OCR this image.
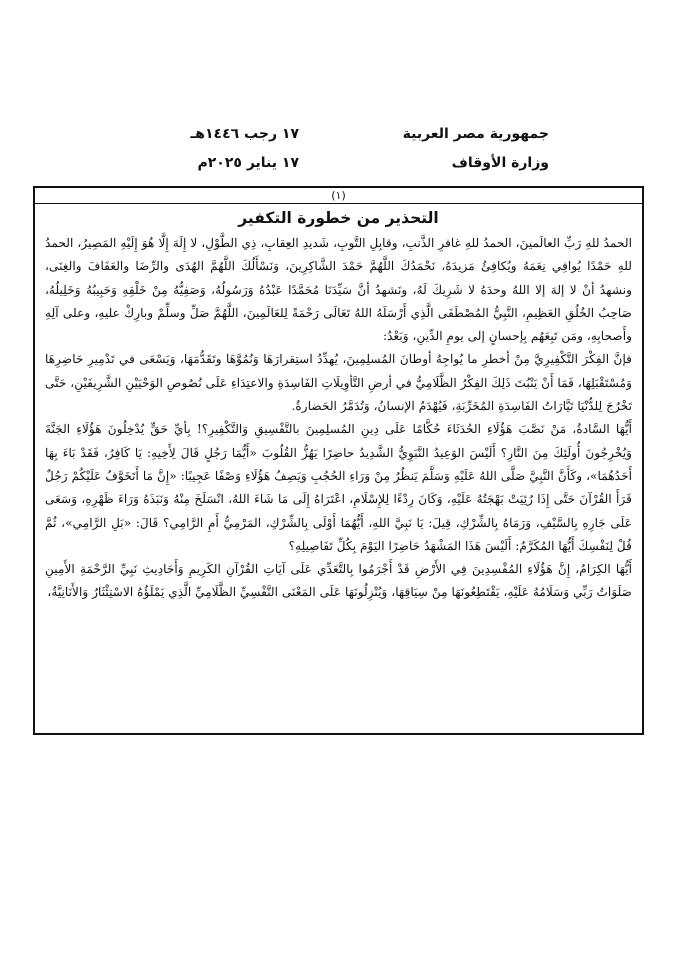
جمهورية مصر العربية
وزارة الأوقاف
١٧ رجب ١٤٤٦هـ
١٧ يناير ٢٠٢٥م
(١)
التحذير من خطورة التكفير

الحمدُ للهِ رَبِّ العالَمينَ، الحمدُ للهِ غافرِ الذَّنبِ، وقابِلِ التَّوبِ، شَديدِ العِقابِ، ذِي الطَّوْلِ، لا إِلَهَ إِلَّا هُوَ إِلَيْهِ المَصِيرُ، الحمدُ للهِ حَمْدًا يُوافِي نِعَمَهُ ويُكافِئُ مَزيدَهُ، نَحْمَدُكَ اللَّهُمَّ حَمْدَ الشَّاكِرِينَ، وَنَسْأَلُكَ اللَّهُمَّ الهُدَى والرِّضَا والعَفَافَ والغِنَى، ونشهدُ أنْ لا إلهَ إلا اللهُ وحدَهُ لا شَرِيكَ لَهُ، ونَشهدُ أنَّ سَيِّدَنَا مُحَمَّدًا عَبْدُهُ وَرَسُولُهُ، وَصَفِيُّهُ مِنْ خَلْقِهِ وَحَبِيبُهُ وَخَلِيلُهُ، صَاحِبُ الخُلُقِ العَظِيمِ، النَّبِيُّ المُصْطَفَى الَّذِي أَرْسَلَهُ اللهُ تَعَالَى رَحْمَةً لِلعَالَمِينَ، اللَّهُمَّ صَلِّ وسلِّمْ وبارِكْ عليهِ، وعلى آلِهِ وأَصحابِهِ، ومَن تَبِعَهُم بِإحسانٍ إلى يومِ الدِّينِ، وَبَعْدُ:

فإنَّ الفِكْرَ التَّكْفِيرِيَّ مِنْ أخطرِ ما يُواجِهُ أوطانَ المُسلِمِينَ، يُهدِّدُ استِقرارَهَا وَنُمُوَّهَا وتَقَدُّمَهَا، وَيَسْعَى في تَدْمِيرِ حَاضِرِهَا وَمُسْتَقْبَلِهَا، فَمَا أَنْ يَنْبُتَ ذَلِكَ الفِكْرُ الظَّلَامِيُّ في أرضِ التَّأوِيلَاتِ الفَاسِدَةِ والاعتِدَاءِ عَلَى نُصُوصِ الوَحْيَيْنِ الشَّرِيفَيْنِ، حَتَّى تَخْرُجَ لِلدُّنْيَا تَيَّارَاتُ الفَاسِدَةِ المُخَرِّبَةِ، فَيُهْدَمُ الإنسانُ، وَتُدَمَّرُ الحَضارةُ.

أَيُّهَا السَّادةُ، مَنْ نَصَّبَ هَؤُلَاءِ الحُدَثَاءَ حُكَّامًا عَلَى دِينِ المُسلِمِينَ بالتَّفْسِيقِ وَالتَّكْفِيرِ؟! بِأيِّ حَقٍّ يُدْخِلُونَ هَؤُلَاءِ الجَنَّةَ وَيُخْرِجُونَ أُولَئِكَ مِنَ النَّارِ؟ أَلَيْسَ الوَعِيدُ النَّبَوِيُّ الشَّدِيدُ حاضِرًا يَهُزُّ القُلُوبَ «أَيُّمَا رَجُلٍ قَالَ لِأَخِيهِ: يَا كَافِرُ، فَقَدْ بَاءَ بِهَا أَحَدُهُمَا»، وكَأَنَّ النَّبِيَّ صَلَّى اللهُ عَلَيْهِ وَسَلَّمَ يَنظُرُ مِنْ وَرَاءِ الحُجُبِ وَيَصِفُ هَؤُلَاءِ وَصْفًا عَجِيبًا: «إِنَّ مَا أَتَخَوَّفُ عَلَيْكُمْ رَجُلٌ قَرَأَ القُرْآنَ حَتَّى إِذَا رُئِيَتْ بَهْجَتُهُ عَلَيْهِ، وَكَانَ رِدْءًا لِلإِسْلَامِ، اعْتَرَاهُ إِلَى مَا شَاءَ اللهُ، انْسَلَخَ مِنْهُ وَنَبَذَهُ وَرَاءَ ظَهْرِهِ، وَسَعَى عَلَى جَارِهِ بِالسَّيْفِ، وَرَمَاهُ بِالشِّرْكِ، قِيلَ: يَا نَبِيَّ اللهِ، أَيُّهُمَا أَوْلَى بِالشِّرْكِ، المَرْمِيُّ أَمِ الرَّامِي؟ قَالَ: «بَلِ الرَّامِي»، ثُمَّ قُلْ لِنَفْسِكَ أَيُّهَا المُكَرَّمُ: أَلَيْسَ هَذَا المَشْهَدُ حَاضِرًا اليَوْمَ بِكُلِّ تَفَاصِيلِهِ؟

أَيُّهَا الكِرَامُ، إِنَّ هَؤُلَاءِ المُفْسِدِينَ فِي الأَرْضِ قَدْ أَجْرَمُوا بِالتَّعَدِّي عَلَى آيَاتِ القُرْآنِ الكَرِيمِ وَأَحَادِيثِ نَبِيِّ الرَّحْمَةِ الأَمِينِ صَلَوَاتُ رَبِّي وَسَلَامُهُ عَلَيْهِ، يَقْتَطِعُونَهَا مِنْ سِيَاقِهَا، وَيُنْزِلُونَهَا عَلَى المَعْنَى النَّفْسِيِّ الظَّلَامِيِّ الَّذِي يَمْلَؤُهُ الاسْتِئْثَارُ وَالأَنَانِيَّةُ،
